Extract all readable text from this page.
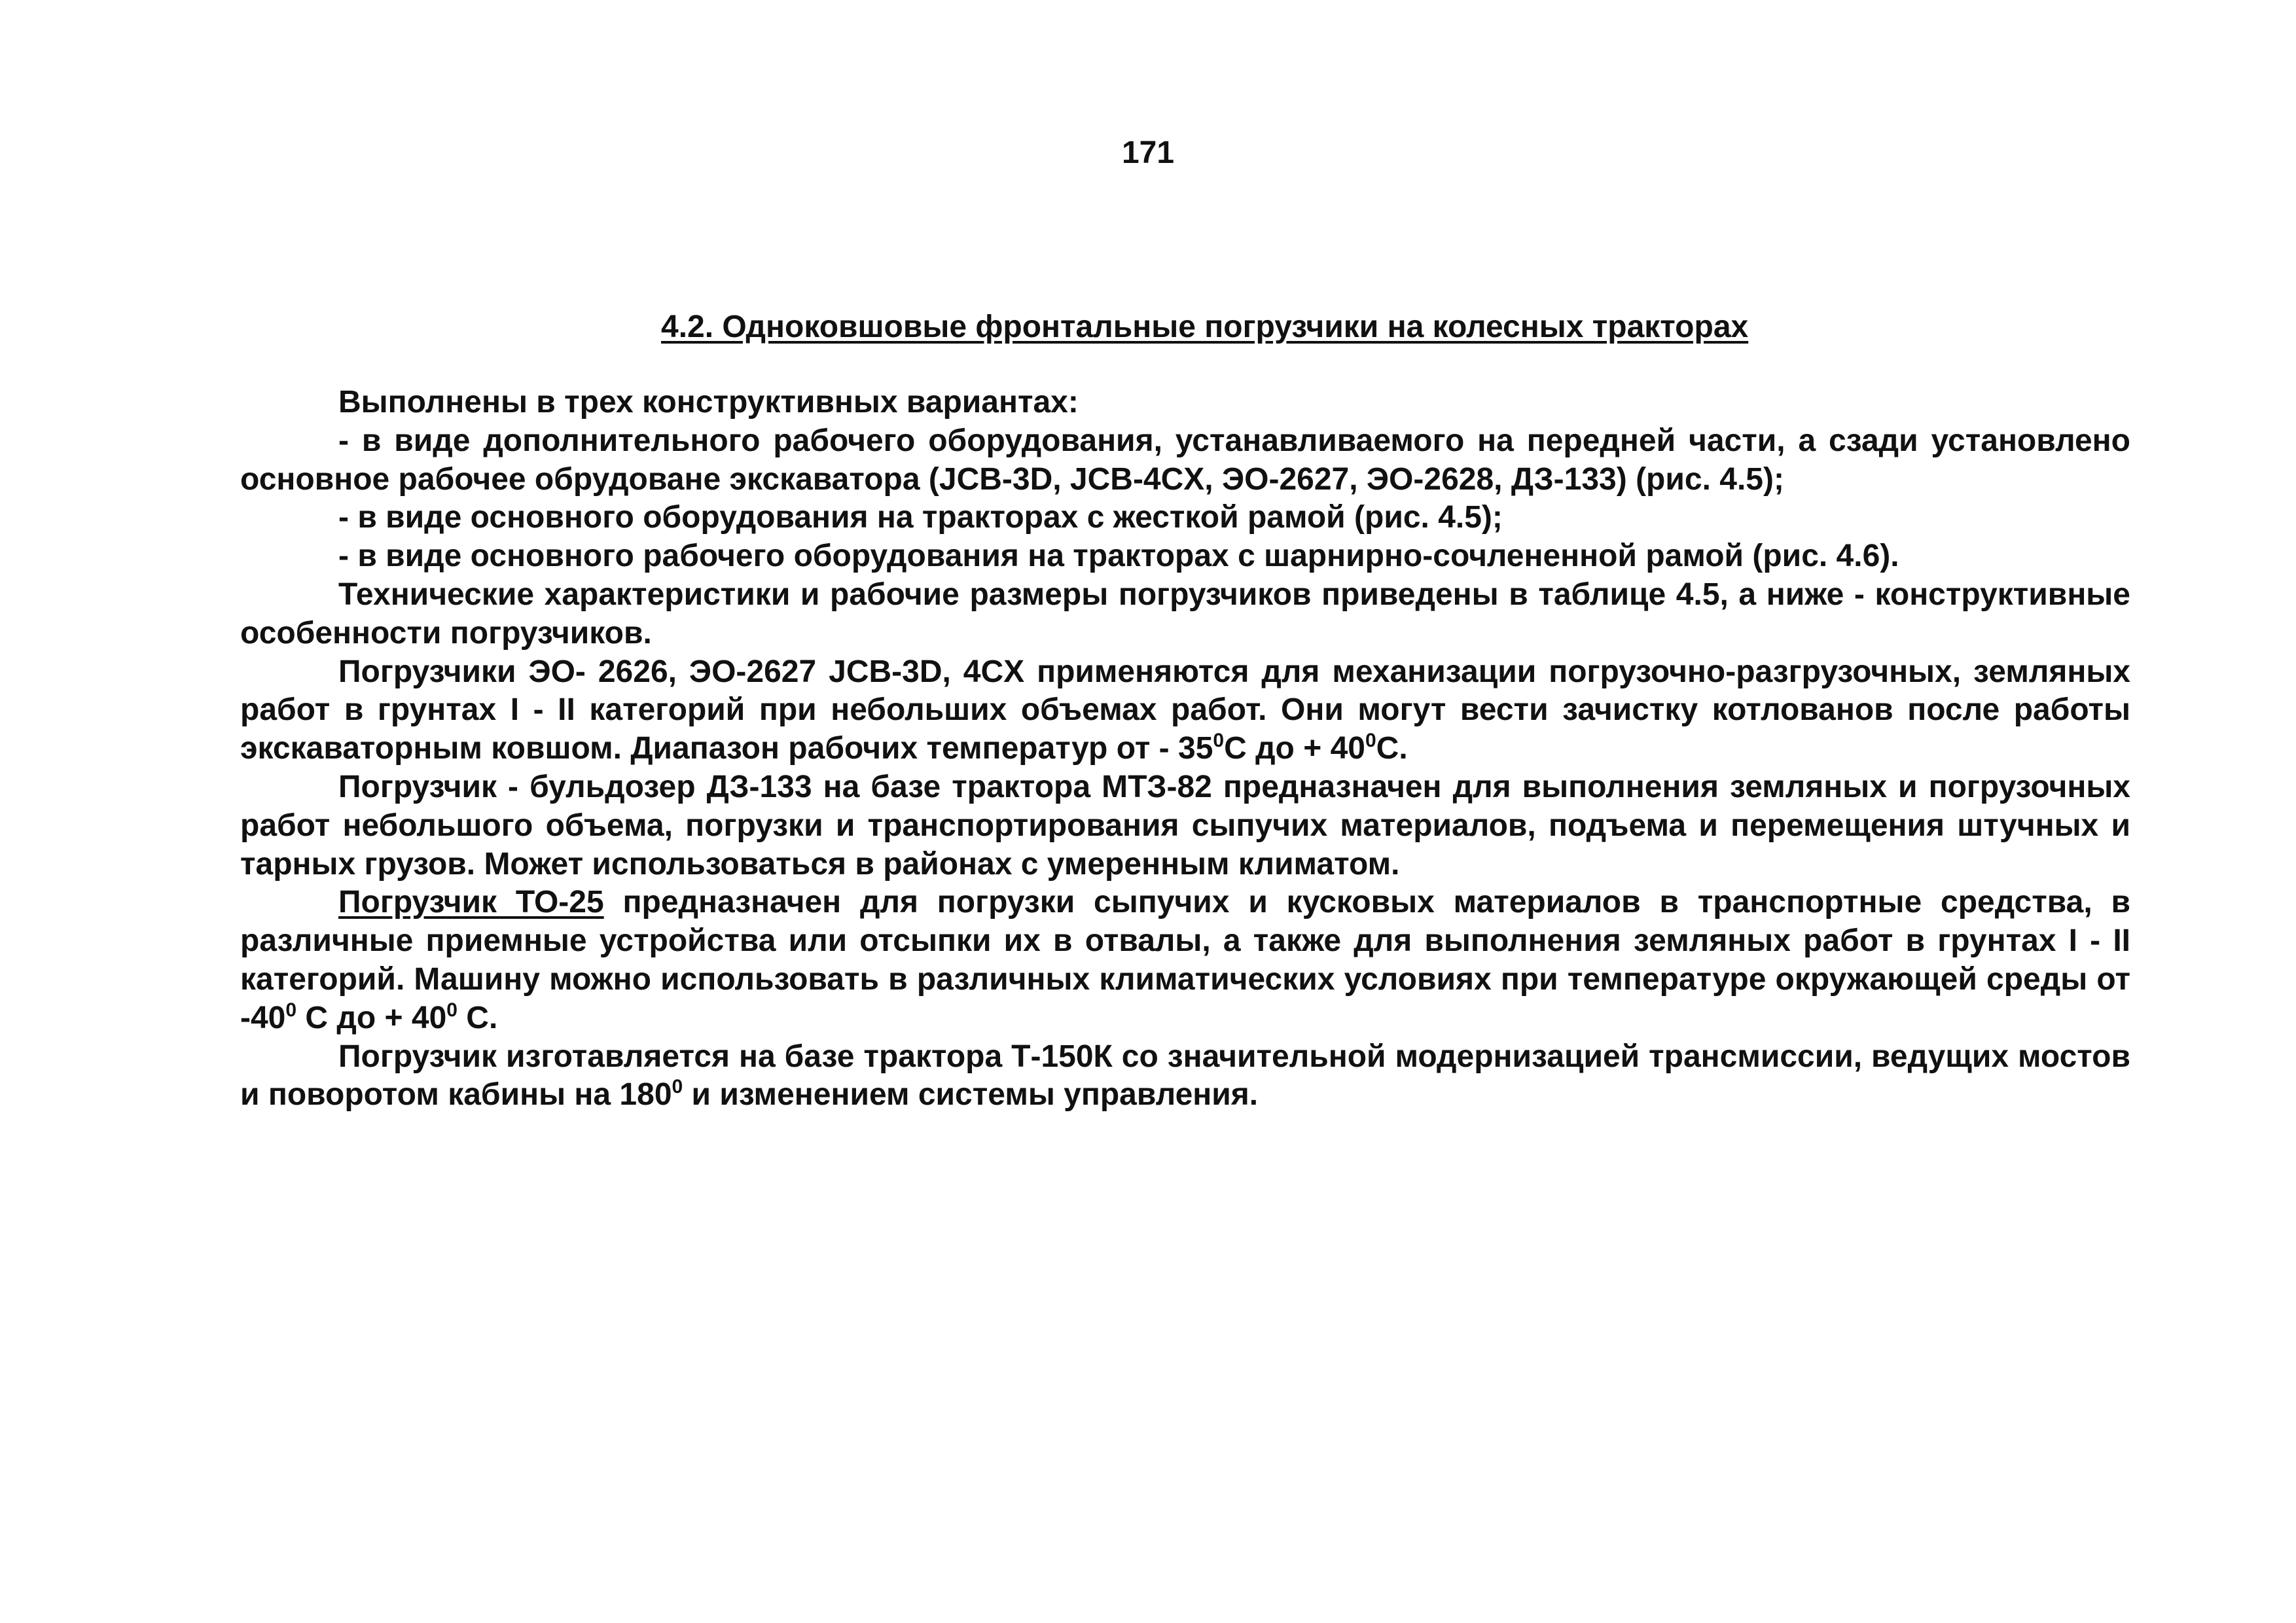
171
4.2. Одноковшовые фронтальные погрузчики на колесных тракторах

Выполнены в трех конструктивных вариантах:

- в виде дополнительного рабочего оборудования, устанавливаемого на передней части, а сзади установлено основное рабочее обрудоване экскаватора (JCB-3D, JCB-4CX, ЭО-2627, ЭО-2628, ДЗ-133) (рис. 4.5);

- в виде основного оборудования на тракторах с жесткой рамой (рис. 4.5);

- в виде основного рабочего оборудования на тракторах с шарнирно-сочлененной рамой (рис. 4.6).

Технические характеристики и рабочие размеры погрузчиков приведены в таблице 4.5, а ниже - конструктивные особенности погрузчиков.

Погрузчики ЭО- 2626, ЭО-2627 JCB-3D, 4CX применяются для механизации погрузочно-разгрузочных, земляных работ в грунтах I - II категорий при небольших объемах работ. Они могут вести зачистку котлованов после работы экскаваторным ковшом. Диапазон рабочих температур от - $35^0С$ до + $40^0С$.

Погрузчик - бульдозер ДЗ-133 на базе трактора МТЗ-82 предназначен для выполнения земляных и погрузочных работ небольшого объема, погрузки и транспортирования сыпучих материалов, подъема и перемещения штучных и тарных грузов. Может использоваться в районах с умеренным климатом.

Погрузчик ТО-25 предназначен для погрузки сыпучих и кусковых материалов в транспортные средства, в различные приемные устройства или отсыпки их в отвалы, а также для выполнения земляных работ в грунтах I - II категорий. Машину можно использовать в различных климатических условиях при температуре окружающей среды от $-40^0$ С до + $40^0$ С.

Погрузчик изготавляется на базе трактора Т-150К со значительной модернизацией трансмиссии, ведущих мостов и поворотом кабины на $180^0$ и изменением системы управления.
